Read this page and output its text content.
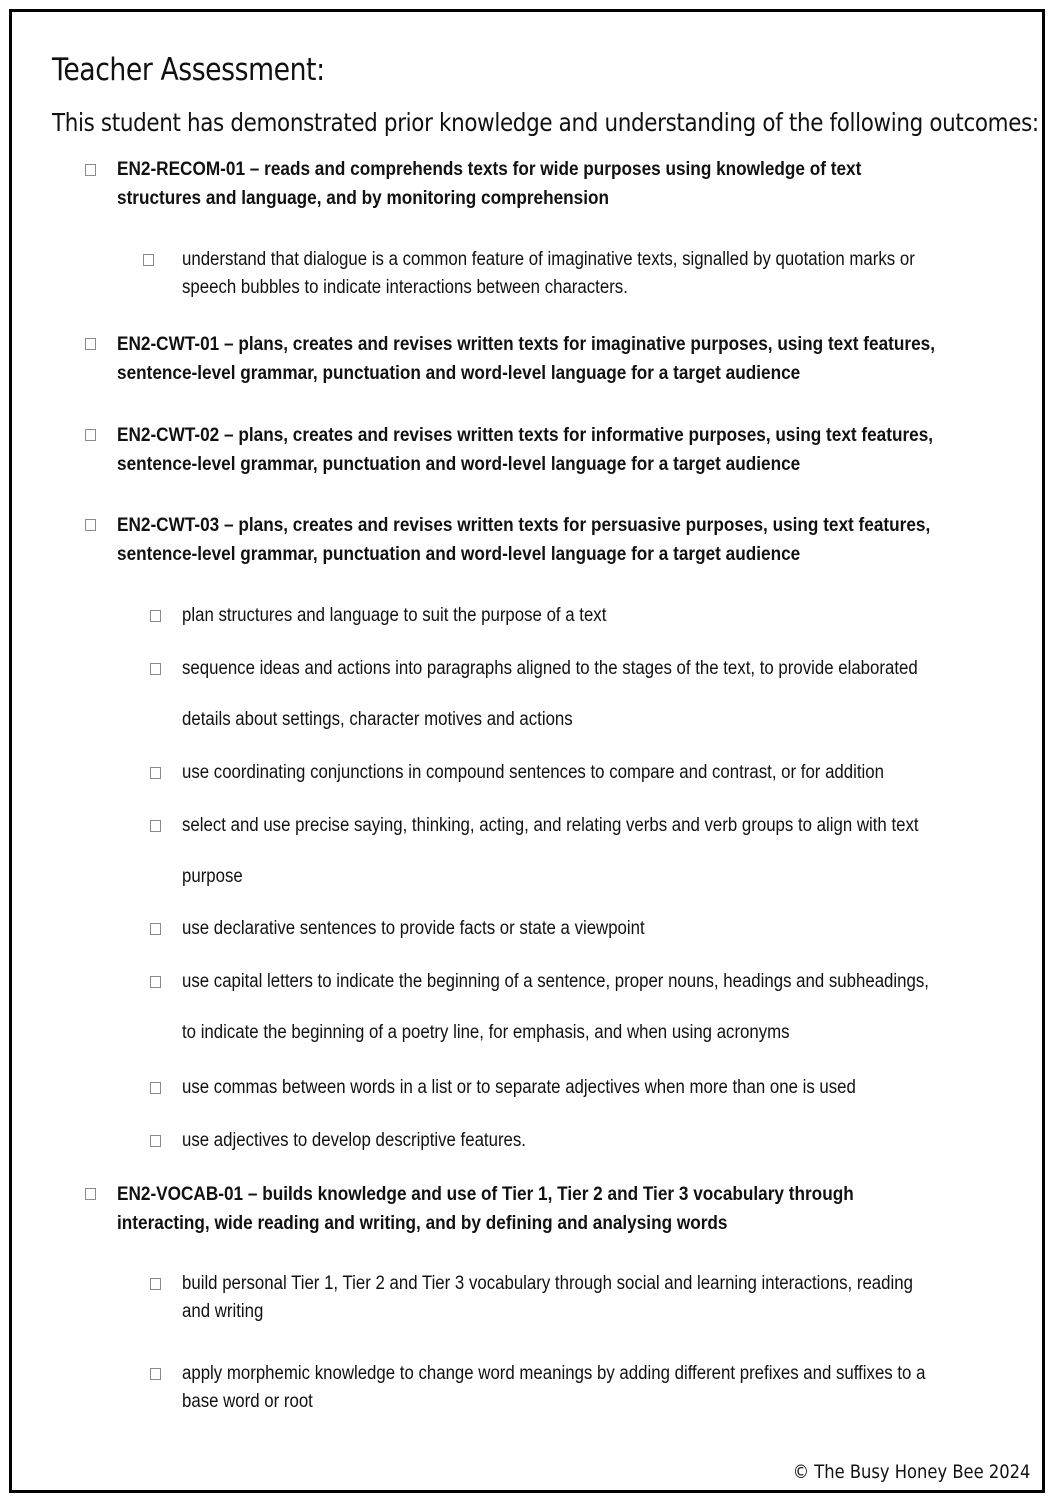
Teacher Assessment:
This student has demonstrated prior knowledge and understanding of the following outcomes:
EN2-RECOM-01 – reads and comprehends texts for wide purposes using knowledge of text
structures and language, and by monitoring comprehension
understand that dialogue is a common feature of imaginative texts, signalled by quotation marks or
speech bubbles to indicate interactions between characters.
EN2-CWT-01 – plans, creates and revises written texts for imaginative purposes, using text features,
sentence-level grammar, punctuation and word-level language for a target audience
EN2-CWT-02 – plans, creates and revises written texts for informative purposes, using text features,
sentence-level grammar, punctuation and word-level language for a target audience
EN2-CWT-03 – plans, creates and revises written texts for persuasive purposes, using text features,
sentence-level grammar, punctuation and word-level language for a target audience
plan structures and language to suit the purpose of a text
sequence ideas and actions into paragraphs aligned to the stages of the text, to provide elaborated
details about settings, character motives and actions
use coordinating conjunctions in compound sentences to compare and contrast, or for addition
select and use precise saying, thinking, acting, and relating verbs and verb groups to align with text
purpose
use declarative sentences to provide facts or state a viewpoint
use capital letters to indicate the beginning of a sentence, proper nouns, headings and subheadings,
to indicate the beginning of a poetry line, for emphasis, and when using acronyms
use commas between words in a list or to separate adjectives when more than one is used
use adjectives to develop descriptive features.
EN2-VOCAB-01 – builds knowledge and use of Tier 1, Tier 2 and Tier 3 vocabulary through
interacting, wide reading and writing, and by defining and analysing words
build personal Tier 1, Tier 2 and Tier 3 vocabulary through social and learning interactions, reading
and writing
apply morphemic knowledge to change word meanings by adding different prefixes and suffixes to a
base word or root
© The Busy Honey Bee 2024
